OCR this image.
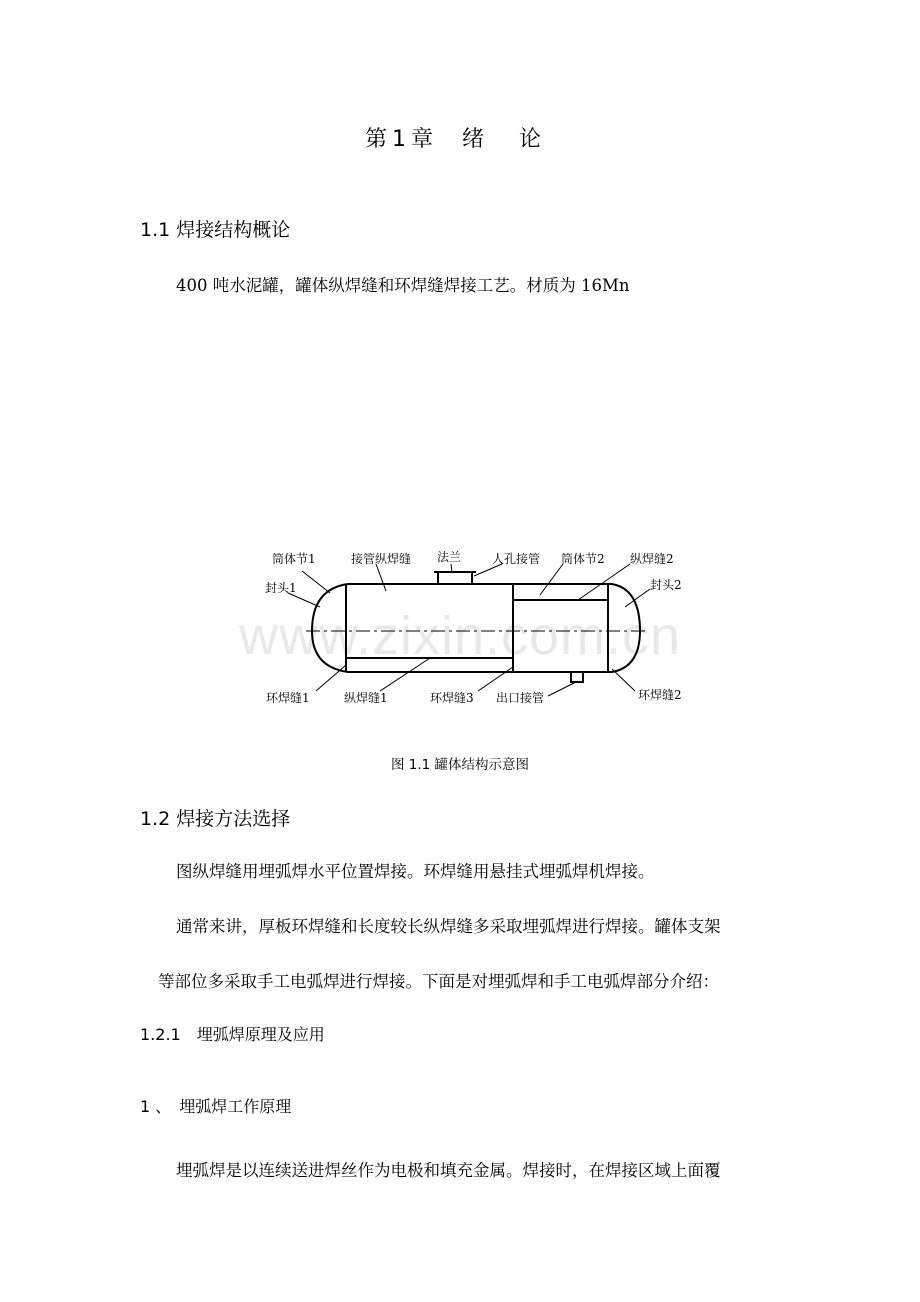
第 1 章 绪 论
1.1 焊接结构概论
400 吨水泥罐，罐体纵焊缝和环焊缝焊接工艺。材质为 16Mn
筒体节1	接管纵焊缝 法兰	人孔接管 筒体节2 纵焊缝2
封头1	封头2
环焊缝1	纵焊缝1	环焊缝3 出口接管	环焊缝2
www.zixin.com.cn
图 1.1 罐体结构示意图
1.2 焊接方法选择
图纵焊缝用埋弧焊水平位置焊接。环焊缝用悬挂式埋弧焊机焊接。
通常来讲，厚板环焊缝和长度较长纵焊缝多采取埋弧焊进行焊接。罐体支架
等部位多采取手工电弧焊进行焊接。下面是对埋弧焊和手工电弧焊部分介绍：
1.2.1　埋弧焊原理及应用
1 、　埋弧焊工作原理
埋弧焊是以连续送进焊丝作为电极和填充金属。焊接时，在焊接区域上面覆
